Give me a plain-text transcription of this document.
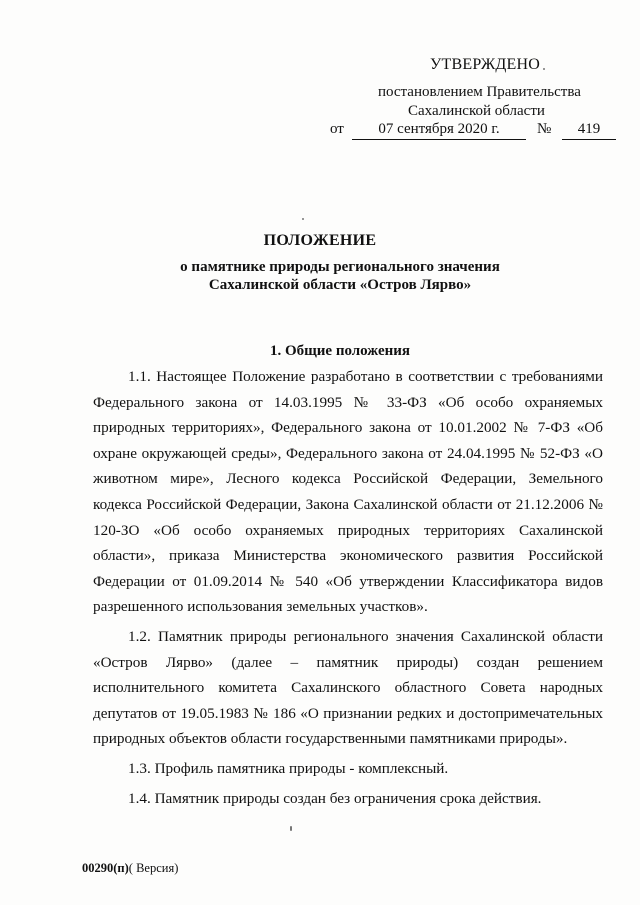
УТВЕРЖДЕНО
постановлением Правительства
Сахалинской области
от	07 сентября 2020 г.	№	419
ПОЛОЖЕНИЕ
о памятнике природы регионального значения
Сахалинской области «Остров Лярво»
1. Общие положения

1.1. Настоящее Положение разработано в соответствии с требованиями Федерального закона от 14.03.1995 № 33-ФЗ «Об особо охраняемых природных территориях», Федерального закона от 10.01.2002 № 7-ФЗ «Об охране окружающей среды», Федерального закона от 24.04.1995 № 52-ФЗ «О животном мире», Лесного кодекса Российской Федерации, Земельного кодекса Российской Федерации, Закона Сахалинской области от 21.12.2006 № 120-ЗО «Об особо охраняемых природных территориях Сахалинской области», приказа Министерства экономического развития Российской Федерации от 01.09.2014 № 540 «Об утверждении Классификатора видов разрешенного использования земельных участков».

1.2. Памятник природы регионального значения Сахалинской области «Остров Лярво» (далее – памятник природы) создан решением исполнительного комитета Сахалинского областного Совета народных депутатов от 19.05.1983 № 186 «О признании редких и достопримечательных природных объектов области государственными памятниками природы».

1.3. Профиль памятника природы - комплексный.

1.4. Памятник природы создан без ограничения срока действия.

00290(п)( Версия)
